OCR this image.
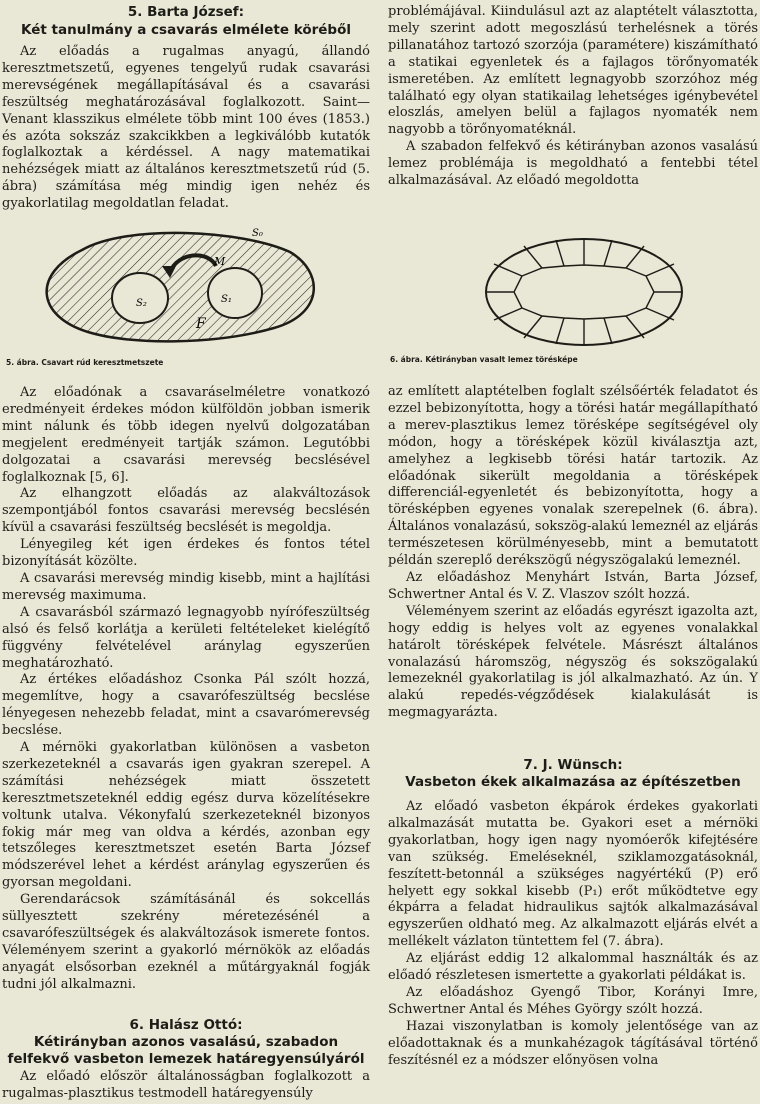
5. Barta József:
Két tanulmány a csavarás elmélete köréből

Az előadás a rugalmas anyagú, állandó keresztmetszetű, egyenes tengelyű rudak csavarási merevségének megállapításával és a csavarási feszültség meghatározásával foglalkozott. Saint—Venant klasszikus elmélete több mint 100 éves (1853.) és azóta sokszáz szakcikkben a legkiválóbb kutatók foglalkoztak a kérdéssel. A nagy matematikai nehézségek miatt az általános keresztmetszetű rúd (5. ábra) számítása még mindig igen nehéz és gyakorlatilag megoldatlan feladat.

S₀
M
S₂	S₁
F
5. ábra. Csavart rúd keresztmetszete

Az előadónak a csavaráselméletre vonatkozó eredményeit érdekes módon külföldön jobban ismerik mint nálunk és több idegen nyelvű dolgozatában megjelent eredményeit tartják számon. Legutóbbi dolgozatai a csavarási merevség becslésével foglalkoznak [5, 6].

Az elhangzott előadás az alakváltozások szempontjából fontos csavarási merevség becslésén kívül a csavarási feszültség becslését is megoldja.

Lényegileg két igen érdekes és fontos tétel bizonyítását közölte.

A csavarási merevség mindig kisebb, mint a hajlítási merevség maximuma.

A csavarásból származó legnagyobb nyírófeszültség alsó és felső korlátja a kerületi feltételeket kielégítő függvény felvételével aránylag egyszerűen meghatározható.

Az értékes előadáshoz Csonka Pál szólt hozzá, megemlítve, hogy a csavarófeszültség becslése lényegesen nehezebb feladat, mint a csavarómerevség becslése.

A mérnöki gyakorlatban különösen a vasbeton szerkezeteknél a csavarás igen gyakran szerepel. A számítási nehézségek miatt összetett keresztmetszeteknél eddig egész durva közelítésekre voltunk utalva. Vékonyfalú szerkezeteknél bizonyos fokig már meg van oldva a kérdés, azonban egy tetszőleges keresztmetszet esetén Barta József módszerével lehet a kérdést aránylag egyszerűen és gyorsan megoldani.

Gerendarácsok számításánál és sokcellás süllyesztett szekrény méretezésénél a csavarófeszültségek és alakváltozások ismerete fontos. Véleményem szerint a gyakorló mérnökök az előadás anyagát elsősorban ezeknél a műtárgyaknál fogják tudni jól alkalmazni.

6. Halász Ottó:
Kétirányban azonos vasalású, szabadon felfekvő vasbeton lemezek határegyensúlyáról

Az előadó először általánosságban foglalkozott a rugalmas-plasztikus testmodell határegyensúly

problémájával. Kiindulásul azt az alaptételt választotta, mely szerint adott megoszlású terhelésnek a törés pillanatához tartozó szorzója (paramétere) kiszámítható a statikai egyenletek és a fajlagos törőnyomaték ismeretében. Az említett legnagyobb szorzóhoz még található egy olyan statikailag lehetséges igénybevétel eloszlás, amelyen belül a fajlagos nyomaték nem nagyobb a törőnyomatéknál.

A szabadon felfekvő és kétirányban azonos vasalású lemez problémája is megoldható a fentebbi tétel alkalmazásával. Az előadó megoldotta

6. ábra. Kétirányban vasalt lemez törésképe

az említett alaptételben foglalt szélsőérték feladatot és ezzel bebizonyította, hogy a törési határ megállapítható a merev-plasztikus lemez törésképe segítségével oly módon, hogy a törésképek közül kiválasztja azt, amelyhez a legkisebb törési határ tartozik. Az előadónak sikerült megoldania a törésképek differenciál-egyenletét és bebizonyította, hogy a törésképben egyenes vonalak szerepelnek (6. ábra). Általános vonalazású, sokszög-alakú lemeznél az eljárás természetesen körülményesebb, mint a bemutatott példán szereplő derékszögű négyszögalakú lemeznél.

Az előadáshoz Menyhárt István, Barta József, Schwertner Antal és V. Z. Vlaszov szólt hozzá.

Véleményem szerint az előadás egyrészt igazolta azt, hogy eddig is helyes volt az egyenes vonalakkal határolt törésképek felvétele. Másrészt általános vonalazású háromszög, négyszög és sokszögalakú lemezeknél gyakorlatilag is jól alkalmazható. Az ún. Y alakú repedés-végződések kialakulását is megmagyarázta.

7. J. Wünsch:
Vasbeton ékek alkalmazása az építészetben

Az előadó vasbeton ékpárok érdekes gyakorlati alkalmazását mutatta be. Gyakori eset a mérnöki gyakorlatban, hogy igen nagy nyomóerők kifejtésére van szükség. Emeléseknél, sziklamozgatásoknál, feszített-betonnál a szükséges nagyértékű (P) erő helyett egy sokkal kisebb (P₁) erőt működtetve egy ékpárra a feladat hidraulikus sajtók alkalmazásával egyszerűen oldható meg. Az alkalmazott eljárás elvét a mellékelt vázlaton tüntettem fel (7. ábra).

Az eljárást eddig 12 alkalommal használták és az előadó részletesen ismertette a gyakorlati példákat is.

Az előadáshoz Gyengő Tibor, Korányi Imre, Schwertner Antal és Méhes György szólt hozzá.

Hazai viszonylatban is komoly jelentősége van az előadottaknak és a munkahézagok tágításával történő feszítésnél ez a módszer előnyösen volna
